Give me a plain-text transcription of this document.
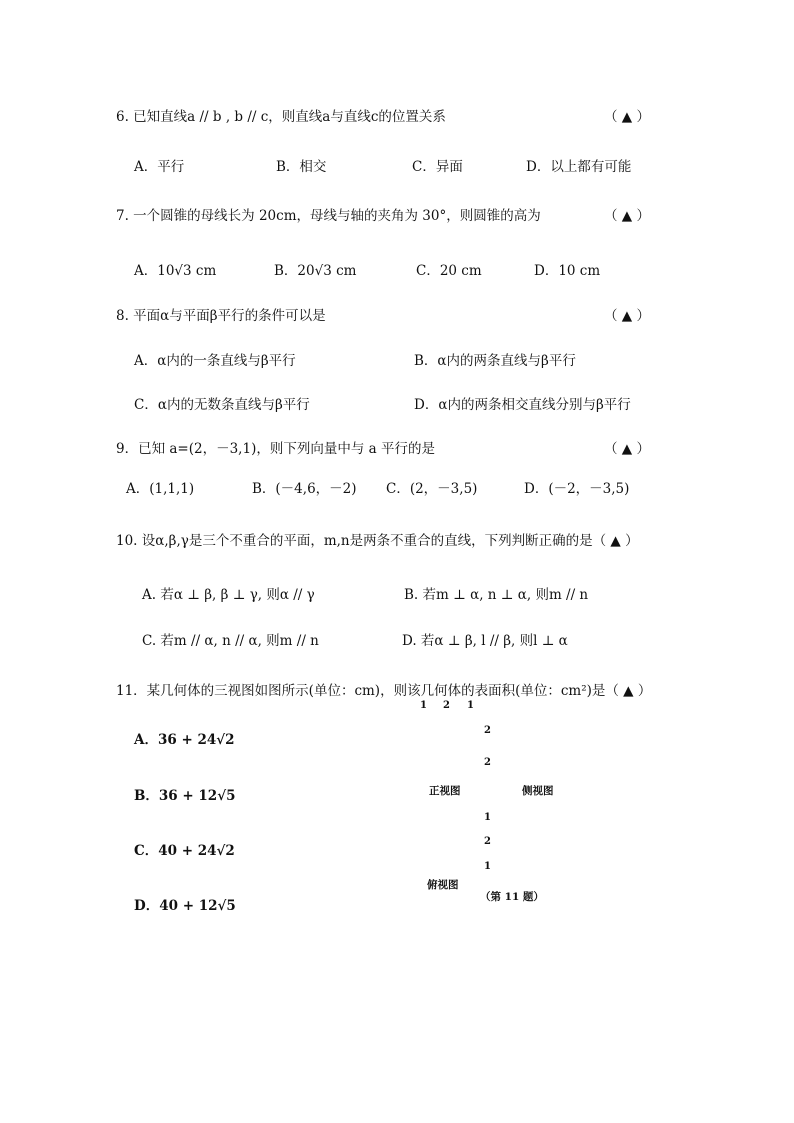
6. 已知直线a // b , b // c，则直线a与直线c的位置关系	（ ▲ ）
A．平行	B．相交	C．异面	D．以上都有可能
7. 一个圆锥的母线长为 20cm，母线与轴的夹角为 30°，则圆锥的高为	（ ▲ ）
A．10√3 cm	B．20√3 cm	C．20 cm	D．10 cm
8. 平面α与平面β平行的条件可以是	（ ▲ ）
A．α内的一条直线与β平行	B．α内的两条直线与β平行
C．α内的无数条直线与β平行	D．α内的两条相交直线分别与β平行
9．已知 a=(2，－3,1)，则下列向量中与 a 平行的是	（ ▲ ）
A．(1,1,1)	B．(－4,6，－2) C．(2，－3,5)	D．(－2，－3,5)
10. 设α,β,γ是三个不重合的平面，m,n是两条不重合的直线，下列判断正确的是（ ▲ ）
A. 若α ⊥ β, β ⊥ γ, 则α // γ	B. 若m ⊥ α, n ⊥ α, 则m // n
C. 若m // α, n // α, 则m // n	D. 若α ⊥ β, l // β, 则l ⊥ α
11．某几何体的三视图如图所示(单位：cm)，则该几何体的表面积(单位：cm²)是（ ▲ ）
A．36 + 24√2
B．36 + 12√5
C．40 + 24√2
D．40 + 12√5
1 2 1
2
2
正视图	侧视图
1
2
1
俯视图
（第 11 题）
